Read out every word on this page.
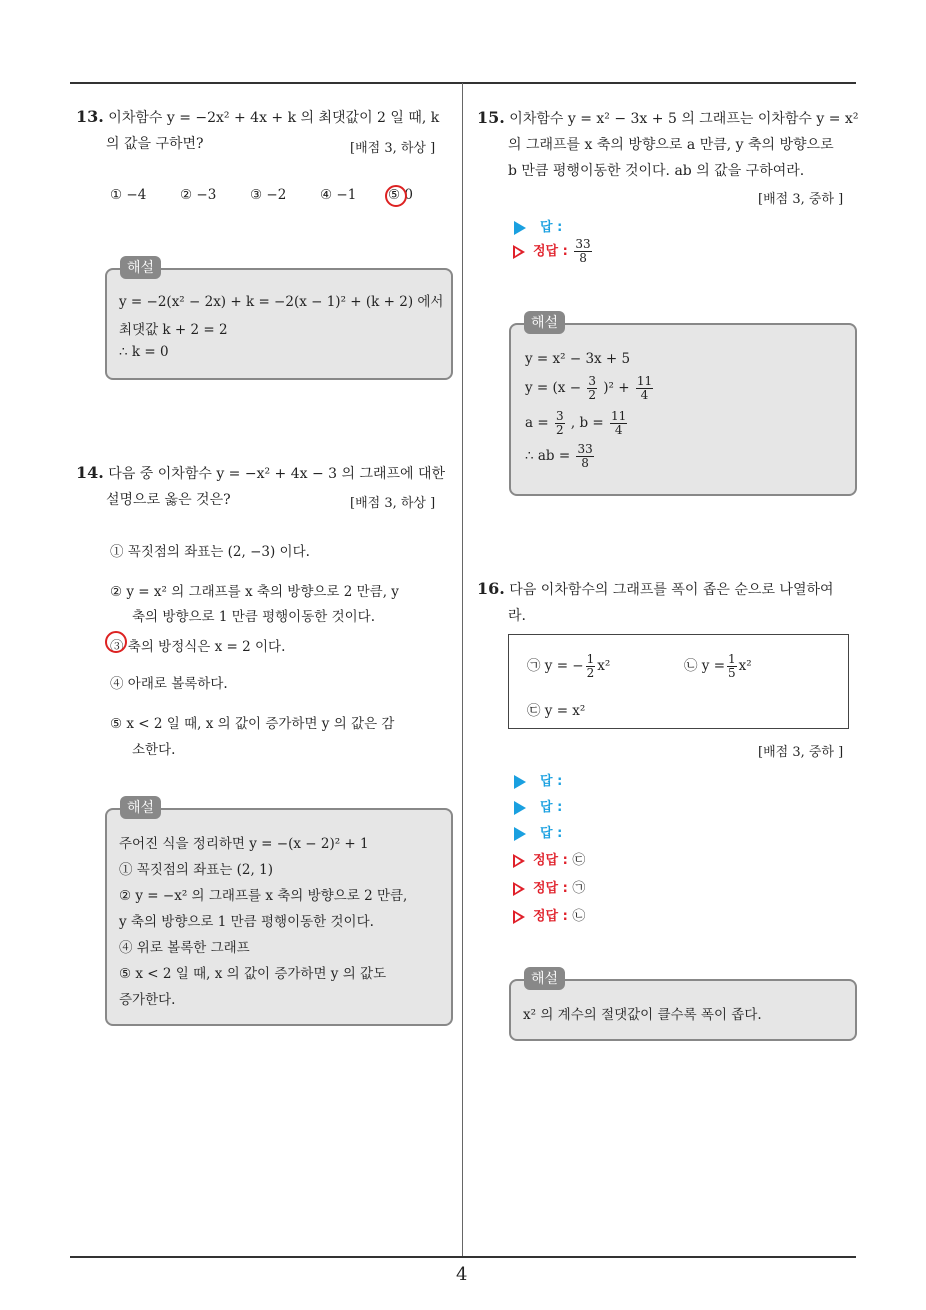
4
13. 이차함수 y = −2x² + 4x + k 의 최댓값이 2 일 때, k
의 값을 구하면?	[배점 3, 하상 ]
① −4 ② −3 ③ −2 ④ −1 ⑤ 0
y = −2(x² − 2x) + k = −2(x − 1)² + (k + 2) 에서
최댓값 k + 2 = 2
∴ k = 0
해설
14. 다음 중 이차함수 y = −x² + 4x − 3 의 그래프에 대한
설명으로 옳은 것은?	[배점 3, 하상 ]
① 꼭짓점의 좌표는 (2, −3) 이다.
② y = x² 의 그래프를 x 축의 방향으로 2 만큼, y
축의 방향으로 1 만큼 평행이동한 것이다.
③ 축의 방정식은 x = 2 이다.
④ 아래로 볼록하다.
⑤ x < 2 일 때, x 의 값이 증가하면 y 의 값은 감
소한다.
주어진 식을 정리하면 y = −(x − 2)² + 1
① 꼭짓점의 좌표는 (2, 1)
② y = −x² 의 그래프를 x 축의 방향으로 2 만큼,
y 축의 방향으로 1 만큼 평행이동한 것이다.
④ 위로 볼록한 그래프
⑤ x < 2 일 때, x 의 값이 증가하면 y 의 값도
증가한다.
해설
15. 이차함수 y = x² − 3x + 5 의 그래프는 이차함수 y = x²
의 그래프를 x 축의 방향으로 a 만큼, y 축의 방향으로
b 만큼 평행이동한 것이다. ab 의 값을 구하여라.
[배점 3, 중하 ]
답 :
정답 : $\frac{33}{8}$
y = x² − 3x + 5
$y = (x - \frac{3}{2} )^2 + \frac{11}{4}$
$a = \frac{3}{2}$ , $b = \frac{11}{4}$
∴ ab = $\frac{33}{8}$
해설
16. 다음 이차함수의 그래프를 폭이 좁은 순으로 나열하여
라.
㉠ y = − $\frac{1}{2} x^2$	㉡ $y = \frac{1}{5} x^2$
㉢ y = x²
[배점 3, 중하 ]
답 :
답 :
답 :
정답 : ㉢
정답 : ㉠
정답 : ㉡
x² 의 계수의 절댓값이 클수록 폭이 좁다.
해설
